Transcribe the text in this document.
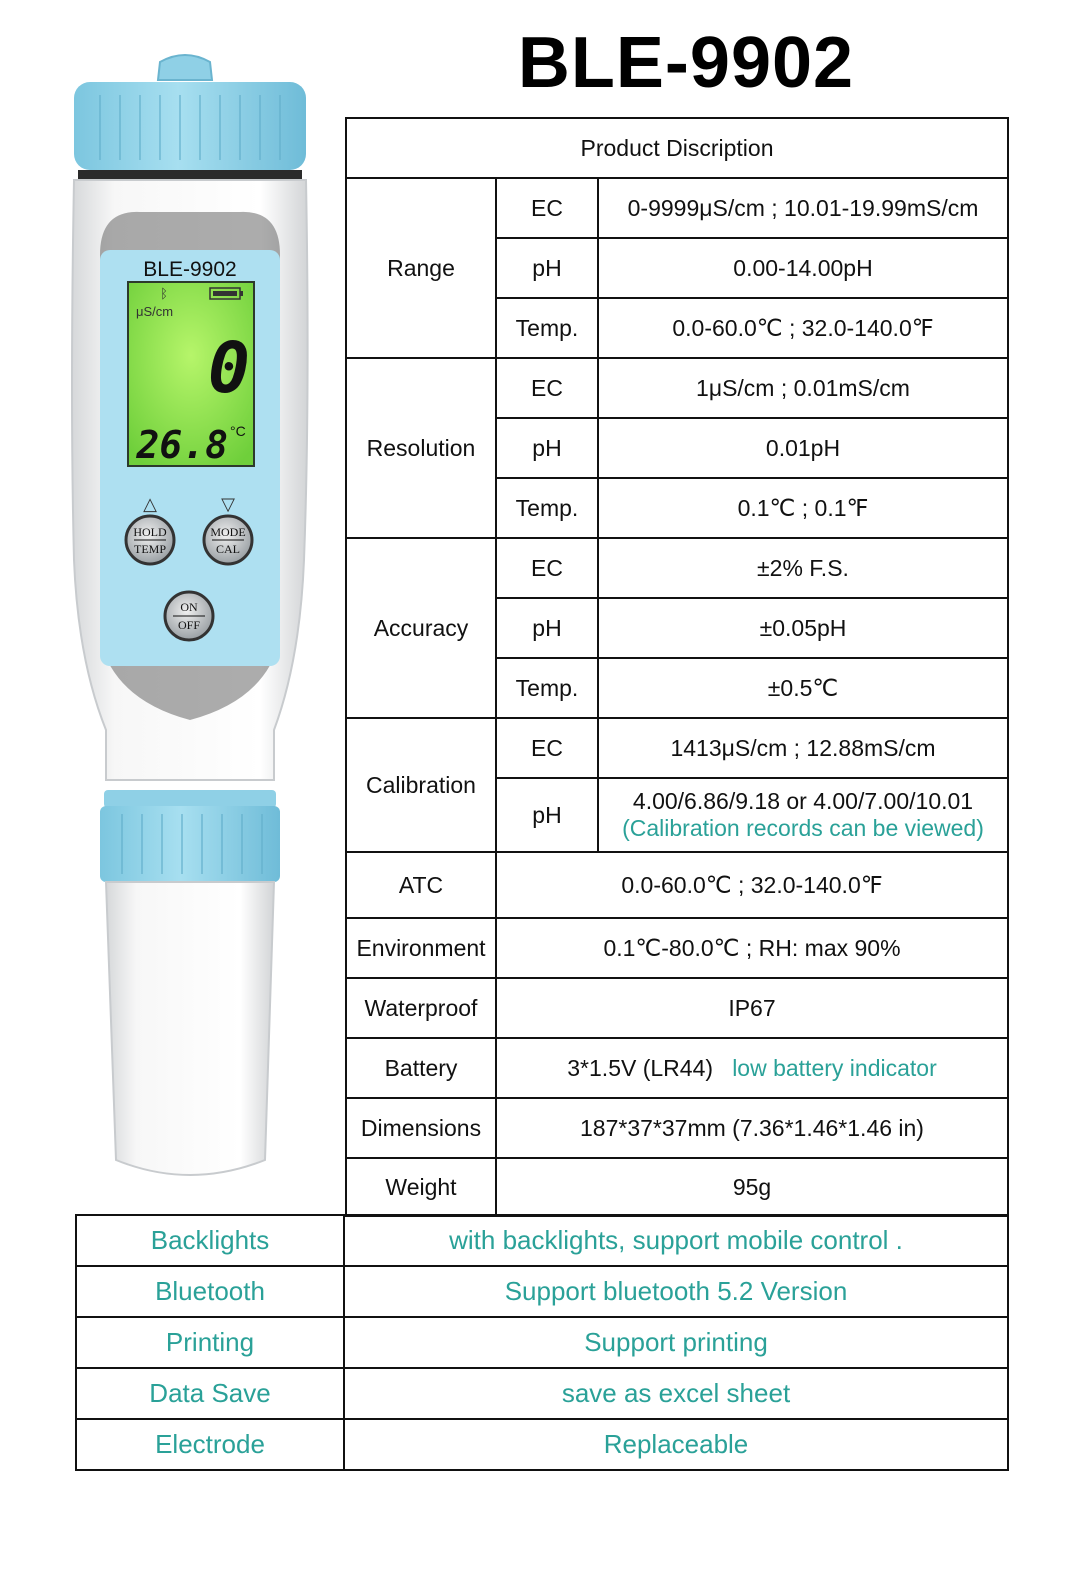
BLE-9902
BLE-9902
ᛒ
μS/cm
0
26.8 °C
△	▽
HOLD
TEMP
MODE
CAL
ON
OFF
Product Discription		
Range	EC	0-9999μS/cm ; 10.01-19.99mS/cm
	pH	0.00-14.00pH
	Temp.	0.0-60.0℃ ; 32.0-140.0℉
Resolution	EC	1μS/cm ; 0.01mS/cm
	pH	0.01pH
	Temp.	0.1℃ ; 0.1℉
Accuracy	EC	±2% F.S.
	pH	±0.05pH
	Temp.	±0.5℃
Calibration	EC	1413μS/cm ; 12.88mS/cm
	pH	4.00/6.86/9.18 or 4.00/7.00/10.01
(Calibration records can be viewed)

ATC	0.0-60.0℃ ; 32.0-140.0℉	
Environment	0.1℃-80.0℃ ; RH: max 90%	
Waterproof	IP67	
Battery	3*1.5V (LR44) low battery indicator	
Dimensions	187*37*37mm (7.36*1.46*1.46 in)	
Weight	95g	
Backlights	with backlights, support mobile control .
Bluetooth	Support bluetooth 5.2 Version
Printing	Support printing
Data Save	save as excel sheet
Electrode	Replaceable
